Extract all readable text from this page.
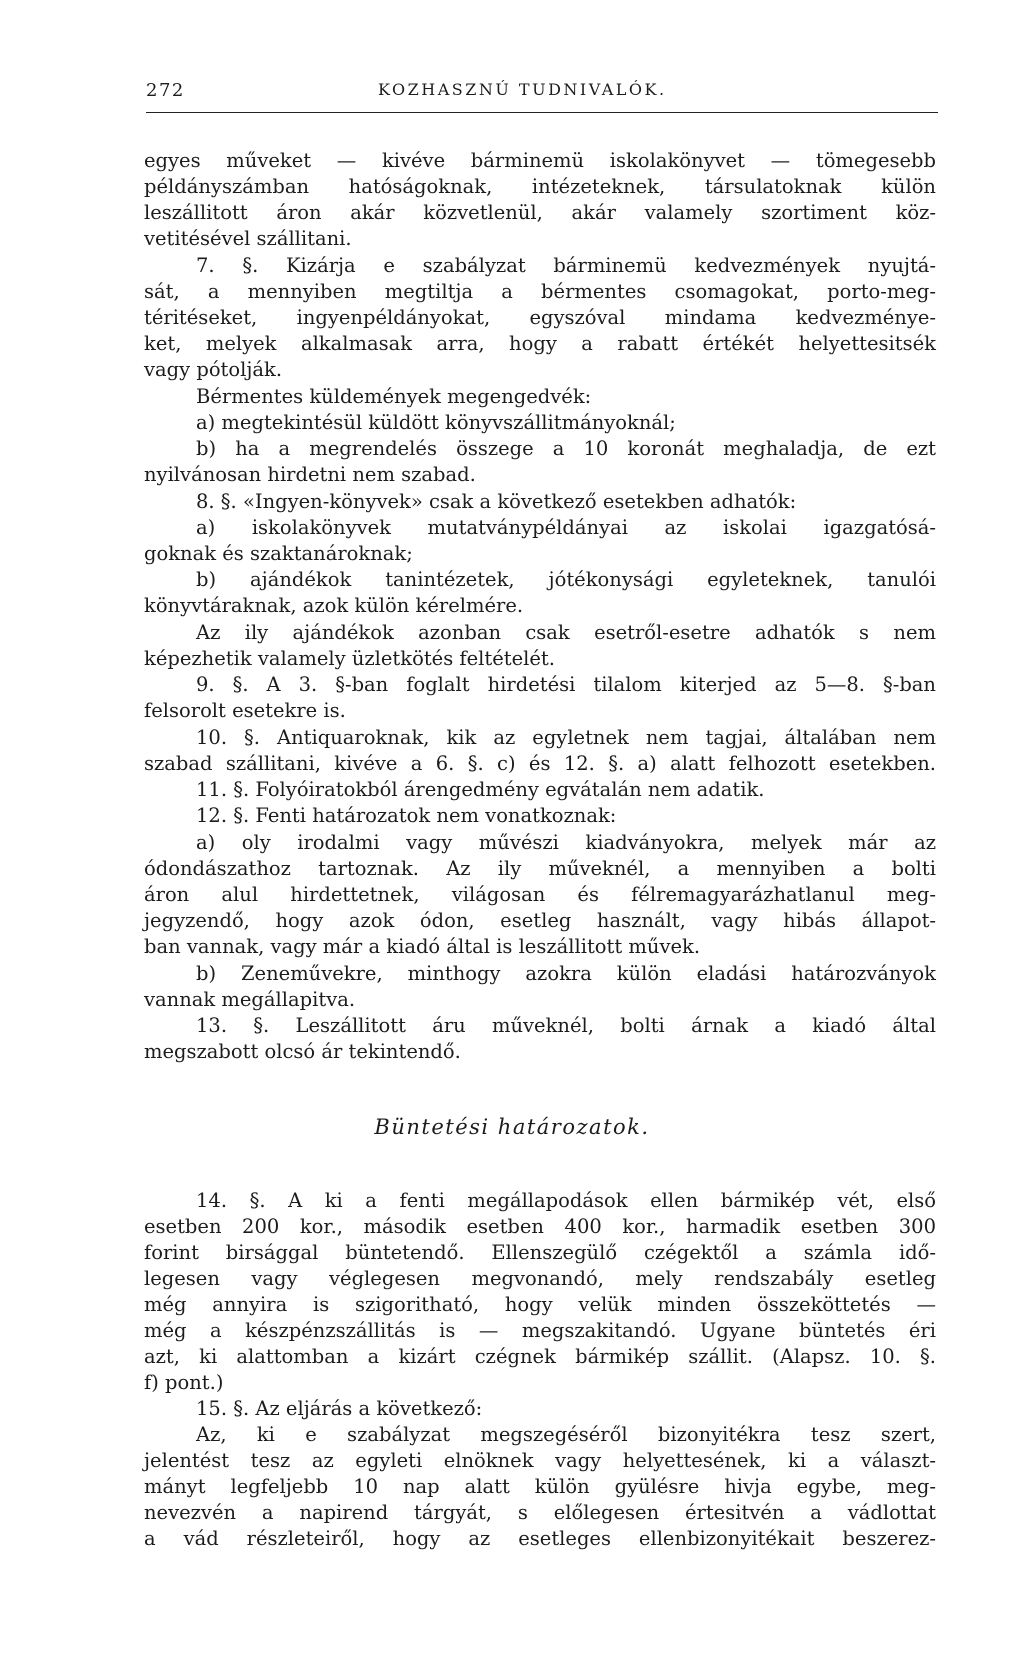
272	KOZHASZNÚ TUDNIVALÓK.
egyes műveket — kivéve bárminemü iskolakönyvet — tömegesebb
példányszámban hatóságoknak, intézeteknek, társulatoknak külön
leszállitott áron akár közvetlenül, akár valamely szortiment köz-
vetitésével szállitani.
7. §. Kizárja e szabályzat bárminemü kedvezmények nyujtá-
sát, a mennyiben megtiltja a bérmentes csomagokat, porto-meg-
téritéseket, ingyenpéldányokat, egyszóval mindama kedvezménye-
ket, melyek alkalmasak arra, hogy a rabatt értékét helyettesitsék
vagy pótolják.
Bérmentes küldemények megengedvék:
a) megtekintésül küldött könyvszállitmányoknál;
b) ha a megrendelés összege a 10 koronát meghaladja, de ezt
nyilvánosan hirdetni nem szabad.
8. §. «Ingyen-könyvek» csak a következő esetekben adhatók:
a) iskolakönyvek mutatványpéldányai az iskolai igazgatósá-
goknak és szaktanároknak;
b) ajándékok tanintézetek, jótékonysági egyleteknek, tanulói
könyvtáraknak, azok külön kérelmére.
Az ily ajándékok azonban csak esetről-esetre adhatók s nem
képezhetik valamely üzletkötés feltételét.
9. §. A 3. §-ban foglalt hirdetési tilalom kiterjed az 5—8. §-ban
felsorolt esetekre is.
10. §. Antiquaroknak, kik az egyletnek nem tagjai, általában nem
szabad szállitani, kivéve a 6. §. c) és 12. §. a) alatt felhozott esetekben.
11. §. Folyóiratokból árengedmény egvátalán nem adatik.
12. §. Fenti határozatok nem vonatkoznak:
a) oly irodalmi vagy művészi kiadványokra, melyek már az
ódondászathoz tartoznak. Az ily műveknél, a mennyiben a bolti
áron alul hirdettetnek, világosan és félremagyarázhatlanul meg-
jegyzendő, hogy azok ódon, esetleg használt, vagy hibás állapot-
ban vannak, vagy már a kiadó által is leszállitott művek.
b) Zeneművekre, minthogy azokra külön eladási határozványok
vannak megállapitva.
13. §. Leszállitott áru műveknél, bolti árnak a kiadó által
megszabott olcsó ár tekintendő.
Büntetési határozatok.
14. §. A ki a fenti megállapodások ellen bármikép vét, első
esetben 200 kor., második esetben 400 kor., harmadik esetben 300
forint birsággal büntetendő. Ellenszegülő czégektől a számla idő-
legesen vagy véglegesen megvonandó, mely rendszabály esetleg
még annyira is szigoritható, hogy velük minden összeköttetés —
még a készpénzszállitás is — megszakitandó. Ugyane büntetés éri
azt, ki alattomban a kizárt czégnek bármikép szállit. (Alapsz. 10. §.
f) pont.)
15. §. Az eljárás a következő:
Az, ki e szabályzat megszegéséről bizonyitékra tesz szert,
jelentést tesz az egyleti elnöknek vagy helyettesének, ki a választ-
mányt legfeljebb 10 nap alatt külön gyülésre hivja egybe, meg-
nevezvén a napirend tárgyát, s előlegesen értesitvén a vádlottat
a vád részleteiről, hogy az esetleges ellenbizonyitékait beszerez-
